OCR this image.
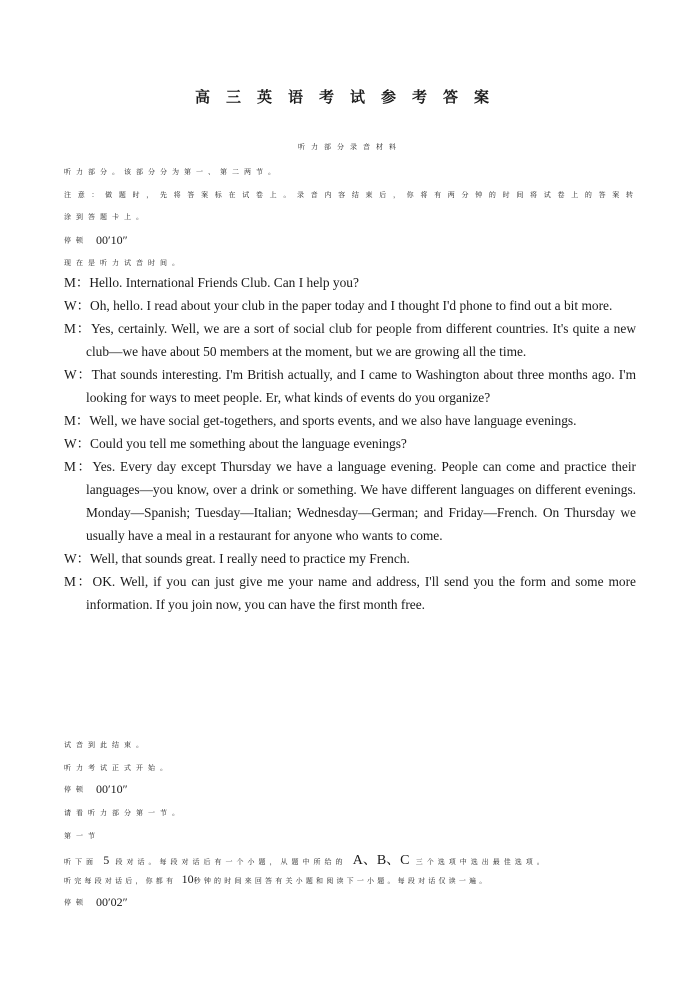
高三英语考试参考答案
听力部分录音材料
听力部分。该部分分为第一、第二两节。
注意：做题时，先将答案标在试卷上。录音内容结束后，你将有两分钟的时间将试卷上的答案转
涂到答题卡上。
停顿 00′10″
现在是听力试音时间。

M：Hello. International Friends Club. Can I help you?

W：Oh, hello. I read about your club in the paper today and I thought I'd phone to find out a bit more.

M：Yes, certainly. Well, we are a sort of social club for people from different countries. It's quite a new club—we have about 50 members at the moment, but we are growing all the time.

W：That sounds interesting. I'm British actually, and I came to Washington about three months ago. I'm looking for ways to meet people. Er, what kinds of events do you organize?

M：Well, we have social get-togethers, and sports events, and we also have language evenings.

W：Could you tell me something about the language evenings?

M：Yes. Every day except Thursday we have a language evening. People can come and practice their languages—you know, over a drink or something. We have different languages on different evenings. Monday—Spanish; Tuesday—Italian; Wednesday—German; and Friday—French. On Thursday we usually have a meal in a restaurant for anyone who wants to come.

W：Well, that sounds great. I really need to practice my French.

M：OK. Well, if you can just give me your name and address, I'll send you the form and some more information. If you join now, you can have the first month free.

试音到此结束。
听力考试正式开始。
停顿 00′10″
请看听力部分第一节。
第一节
听下面 5 段对话。每段对话后有一个小题，从题中所给的 A、B、C 三个选项中选出最佳选项。
听完每段对话后，你都有 10秒钟的时间来回答有关小题和阅读下一小题。每段对话仅读一遍。
停顿 00′02″
